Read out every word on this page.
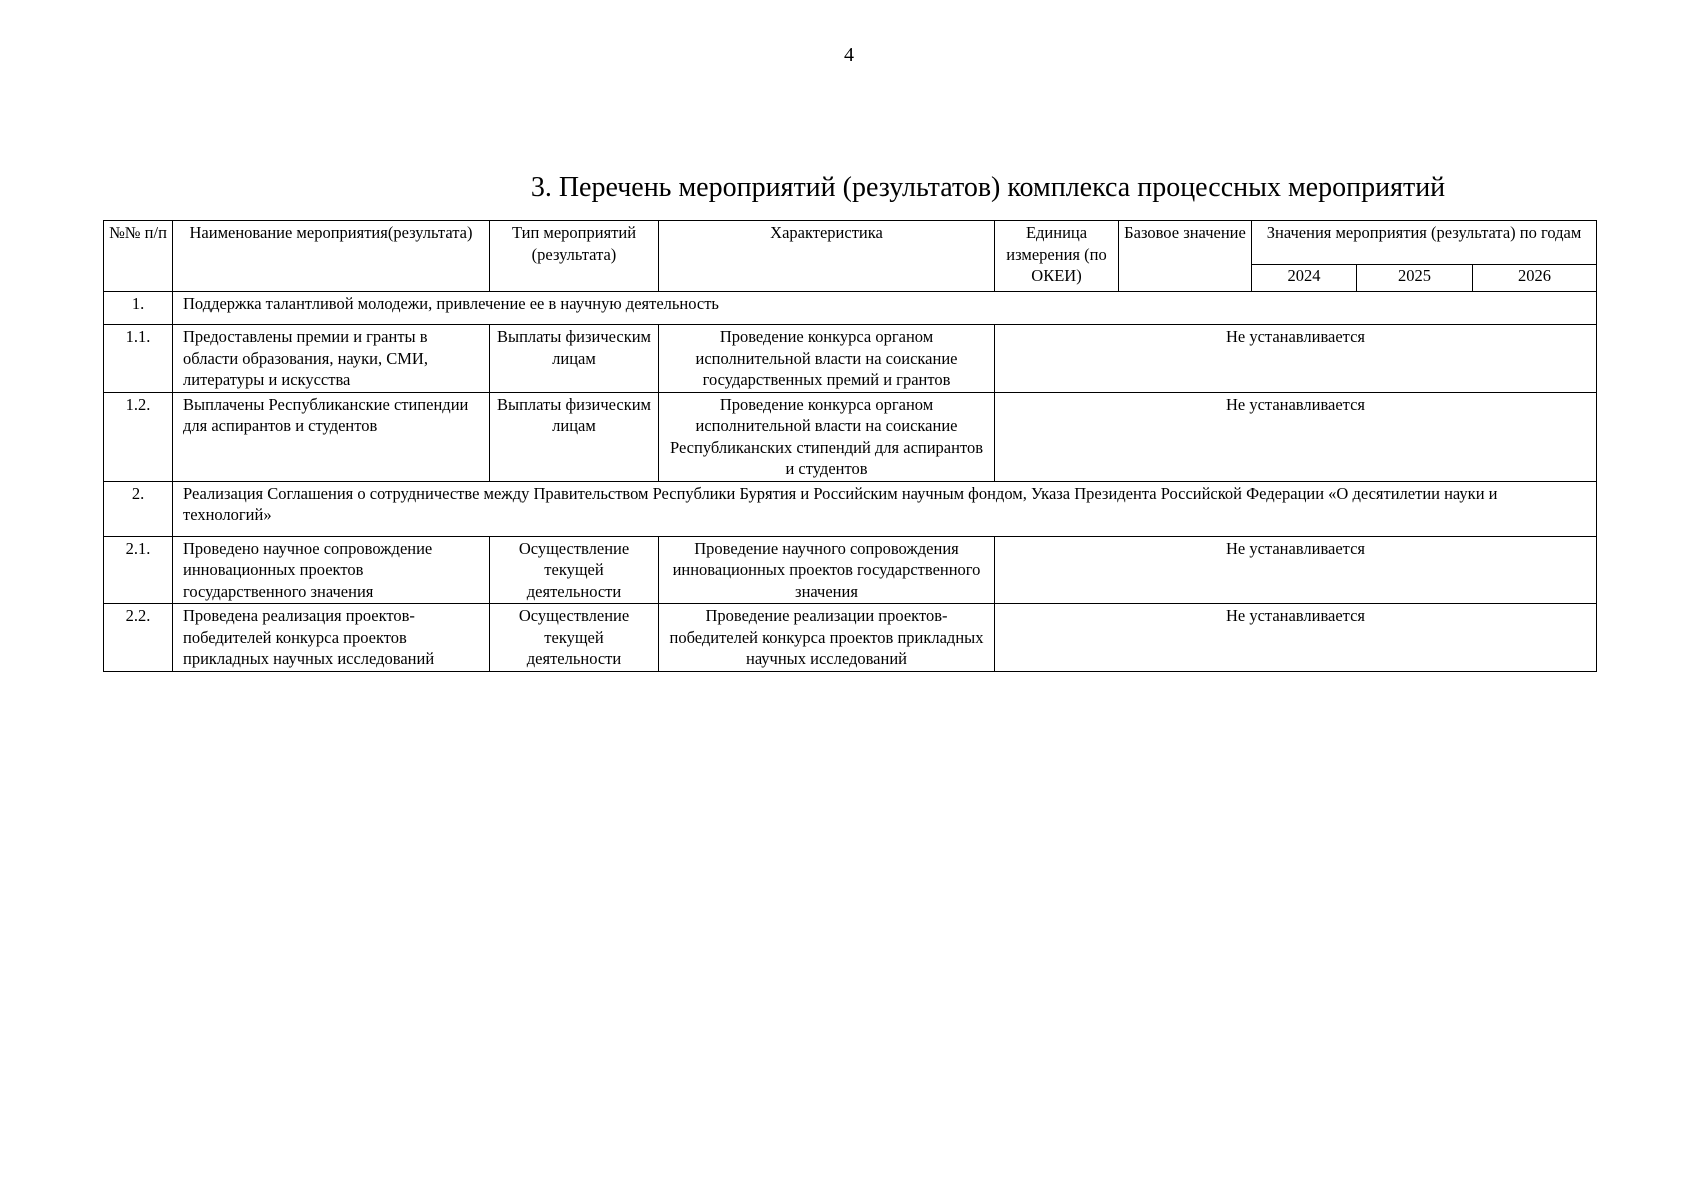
4
3. Перечень мероприятий (результатов) комплекса процессных мероприятий
№№ п/п	Наименование мероприятия(результата)	Тип мероприятий (результата)	Характеристика	Единица измерения (по ОКЕИ)	Базовое значение	Значения мероприятия (результата) по годам		
						2024	2025	2026
1.	Поддержка талантливой молодежи, привлечение ее в научную деятельность							
1.1.	Предоставлены премии и гранты в области образования, науки, СМИ, литературы и искусства	Выплаты физическим лицам	Проведение конкурса органом исполнительной власти на соискание государственных премий и грантов	Не устанавливается				
1.2.	Выплачены Республиканские стипендии для аспирантов и студентов	Выплаты физическим лицам	Проведение конкурса органом исполнительной власти на соискание Республиканских стипендий для аспирантов и студентов	Не устанавливается				
2.	Реализация Соглашения о сотрудничестве между Правительством Республики Бурятия и Российским научным фондом, Указа Президента Российской Федерации «О десятилетии науки и технологий»							
2.1.	Проведено научное сопровождение инновационных проектов государственного значения	Осуществление текущей деятельности	Проведение научного сопровождения инновационных проектов государственного значения	Не устанавливается				
2.2.	Проведена реализация проектов-победителей конкурса проектов прикладных научных исследований	Осуществление текущей деятельности	Проведение реализации проектов-победителей конкурса проектов прикладных научных исследований	Не устанавливается				
